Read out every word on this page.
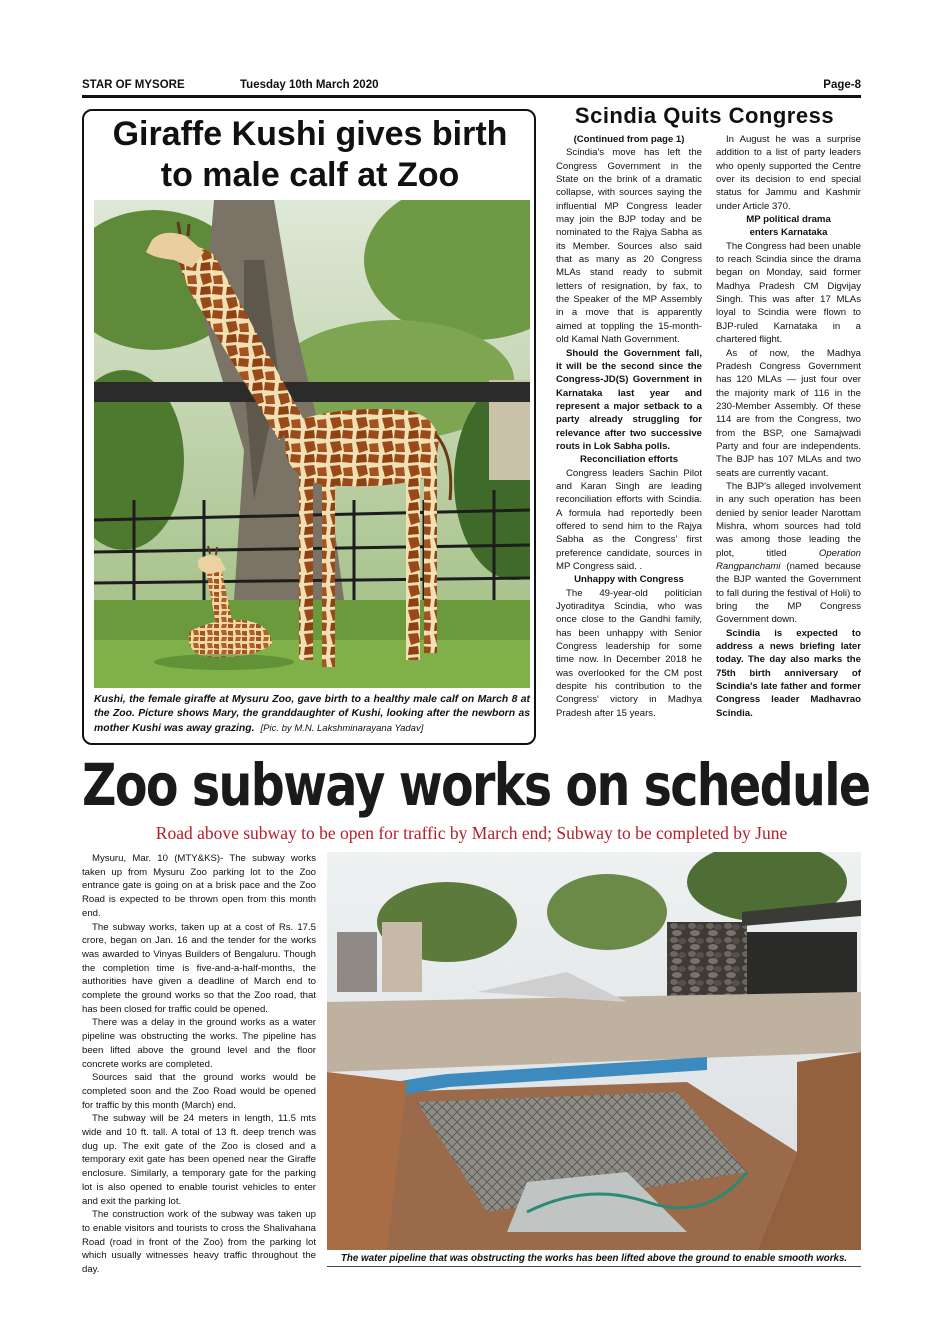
STAR OF MYSORE	Tuesday 10th March 2020	Page-8
Giraffe Kushi gives birth
to male calf at Zoo
Kushi, the female giraffe at Mysuru Zoo, gave birth to a healthy male calf on March 8 at the Zoo. Picture shows Mary, the granddaughter of Kushi, looking after the newborn as mother Kushi was away grazing. [Pic. by M.N. Lakshminarayana Yadav]
Scindia Quits Congress

(Continued from page 1)

Scindia's move has left the Congress Government in the State on the brink of a dramatic collapse, with sources saying the influential MP Congress leader may join the BJP today and be nominated to the Rajya Sabha as its Member. Sources also said that as many as 20 Congress MLAs stand ready to submit letters of resignation, by fax, to the Speaker of the MP Assembly in a move that is apparently aimed at toppling the 15-month-old Kamal Nath Government.

Should the Government fall, it will be the second since the Congress-JD(S) Government in Karnataka last year and represent a major setback to a party already struggling for relevance after two successive routs in Lok Sabha polls.

Reconciliation efforts

Congress leaders Sachin Pilot and Karan Singh are leading reconciliation efforts with Scindia. A formula had reportedly been offered to send him to the Rajya Sabha as the Congress' first preference candidate, sources in MP Congress said. .

Unhappy with Congress

The 49-year-old politician Jyotiraditya Scindia, who was once close to the Gandhi family, has been unhappy with Senior Congress leadership for some time now. In December 2018 he was overlooked for the CM post despite his contribution to the Congress' victory in Madhya Pradesh after 15 years.

In August he was a surprise addition to a list of party leaders who openly supported the Centre over its decision to end special status for Jammu and Kashmir under Article 370.

MP political drama

enters Karnataka

The Congress had been unable to reach Scindia since the drama began on Monday, said former Madhya Pradesh CM Digvijay Singh. This was after 17 MLAs loyal to Scindia were flown to BJP-ruled Karnataka in a chartered flight.

As of now, the Madhya Pradesh Congress Government has 120 MLAs — just four over the majority mark of 116 in the 230-Member Assembly. Of these 114 are from the Congress, two from the BSP, one Samajwadi Party and four are independents. The BJP has 107 MLAs and two seats are currently vacant.

The BJP's alleged involvement in any such operation has been denied by senior leader Narottam Mishra, whom sources had told was among those leading the plot, titled Operation Rangpanchami (named because the BJP wanted the Government to fall during the festival of Holi) to bring the MP Congress Government down.

Scindia is expected to address a news briefing later today. The day also marks the 75th birth anniversary of Scindia's late father and former Congress leader Madhavrao Scindia.

Zoo subway works on schedule
Road above subway to be open for traffic by March end; Subway to be completed by June

Mysuru, Mar. 10 (MTY&KS)- The subway works taken up from Mysuru Zoo parking lot to the Zoo entrance gate is going on at a brisk pace and the Zoo Road is expected to be thrown open from this month end.

The subway works, taken up at a cost of Rs. 17.5 crore, began on Jan. 16 and the tender for the works was awarded to Vinyas Builders of Bengaluru. Though the completion time is five-and-a-half-months, the authorities have given a deadline of March end to complete the ground works so that the Zoo road, that has been closed for traffic could be opened.

There was a delay in the ground works as a water pipeline was obstructing the works. The pipeline has been lifted above the ground level and the floor concrete works are completed.

Sources said that the ground works would be completed soon and the Zoo Road would be opened for traffic by this month (March) end.

The subway will be 24 meters in length, 11.5 mts wide and 10 ft. tall. A total of 13 ft. deep trench was dug up. The exit gate of the Zoo is closed and a temporary exit gate has been opened near the Giraffe enclosure. Similarly, a temporary gate for the parking lot is also opened to enable tourist vehicles to enter and exit the parking lot.

The construction work of the subway was taken up to enable visitors and tourists to cross the Shalivahana Road (road in front of the Zoo) from the parking lot which usually witnesses heavy traffic throughout the day.

The water pipeline that was obstructing the works has been lifted above the ground to enable smooth works.
